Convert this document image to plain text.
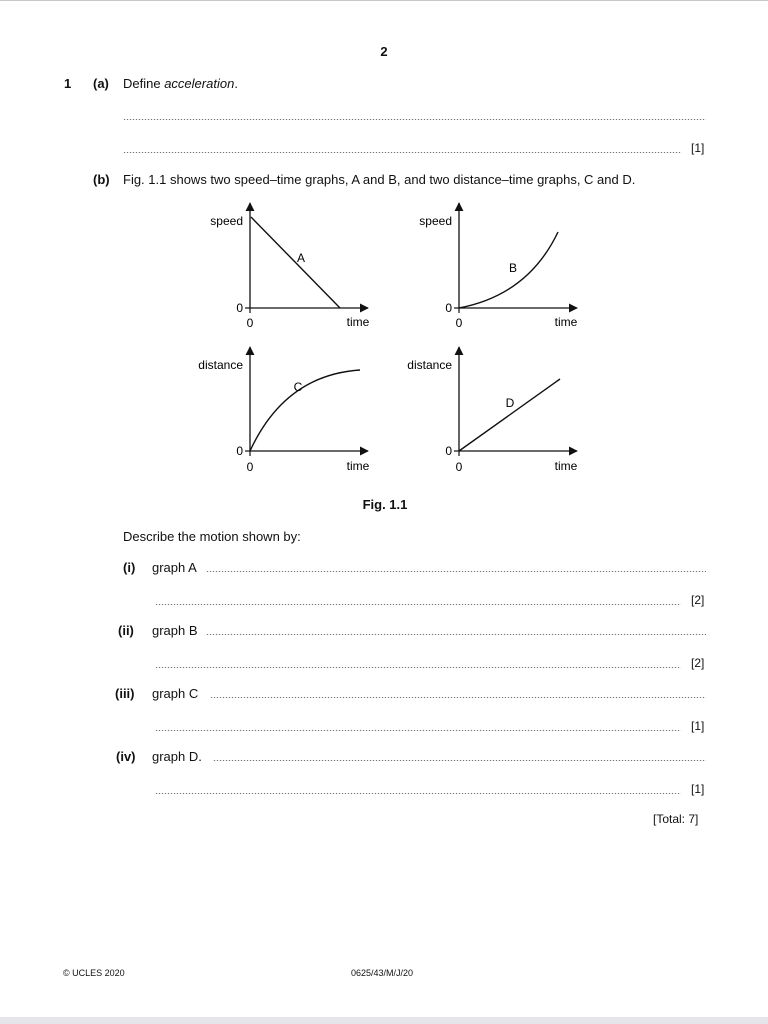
2
1 (a) Define acceleration.
[1]
(b) Fig. 1.1 shows two speed–time graphs, A and B, and two distance–time graphs, C and D.
speed
time
0
0
A
speed
time
0
0
B
distance
time
0
0
C
distance
time
0
0
D
Fig. 1.1
Describe the motion shown by:
(i) graph A
[2]
(ii) graph B
[2]
(iii) graph C
[1]
(iv) graph D.
[1]
[Total: 7]
© UCLES 2020	0625/43/M/J/20
